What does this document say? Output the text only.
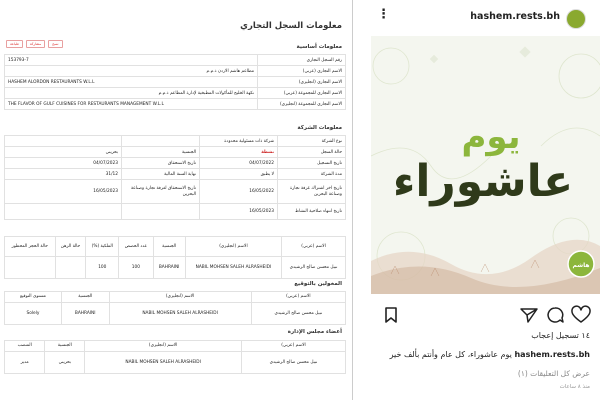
معلومات السجل التجاري
طباعة	مشاركة	نسخ	معلومات أساسية
رقم السجل التجاري	153793-7
الاسم التجاري (عربي)	مطاعم هاشم الاردن ذ.م.م
الاسم التجاري (انجليزي)	HASHEM ALORDON RESTAURANTS W.L.L
الاسم التجاري للمجموعة (عربي)	نكهة الخليج للمأكولات المطبخية لإدارة المطاعم ذ.م.م
الاسم التجاري للمجموعة (انجليزي)	THE FLAVOR OF GULF CUISINES FOR RESTAURANTS MANAGEMENT W.L.L
معلومات الشركة
نوع الشركة	شركة ذات مسئولية محدودة		
حالة السجل	نشطة	الجنسية	بحريني
تاريخ التسجيل	04/07/2022	تاريخ الاستحقاق	04/07/2023
مدة الشركة	لا يطبق	نهاية السنة المالية	31/12
تاريخ اخر اشتراك غرفة تجارة وصناعة البحرين	16/05/2022	تاريخ الاستحقاق لغرفة تجارة وصناعة البحرين	16/05/2023
تاريخ انتهاء صلاحية النشاط	16/05/2023		
الاسم (عربي)	الاسم (انجليزي)	الجنسية	عدد الحصص	الملكية (%)	حالة الرهن	حالة الحجز المحظور
نبيل محسن صالح الرشيدي	NABIL MOHSEN SALEH ALRASHEIDI	BAHRAINI	100	100		
المخولين بالتوقيع
الاسم (عربي)	الاسم (انجليزي)	الجنسية	مستوى التوقيع
نبيل محسن صالح الرشيدي	NABIL MOHSEN SALEH ALRASHEIDI	BAHRAINI	Solely
أعضاء مجلس الإدارة
الاسم (عربي)	الاسم (انجليزي)	الجنسية	المنصب
نبيل محسن صالح الرشيدي	NABIL MOHSEN SALEH ALRASHEIDI	بحريني	مدير
⋮	hashem.rests.bh
يوم
عاشوراء
هاشم
١٤ تسجيل إعجاب
hashem.rests.bh يوم عاشوراء، كل عام وأنتم بألف خير
عرض كل التعليقات (١)
منذ ٨ ساعات
